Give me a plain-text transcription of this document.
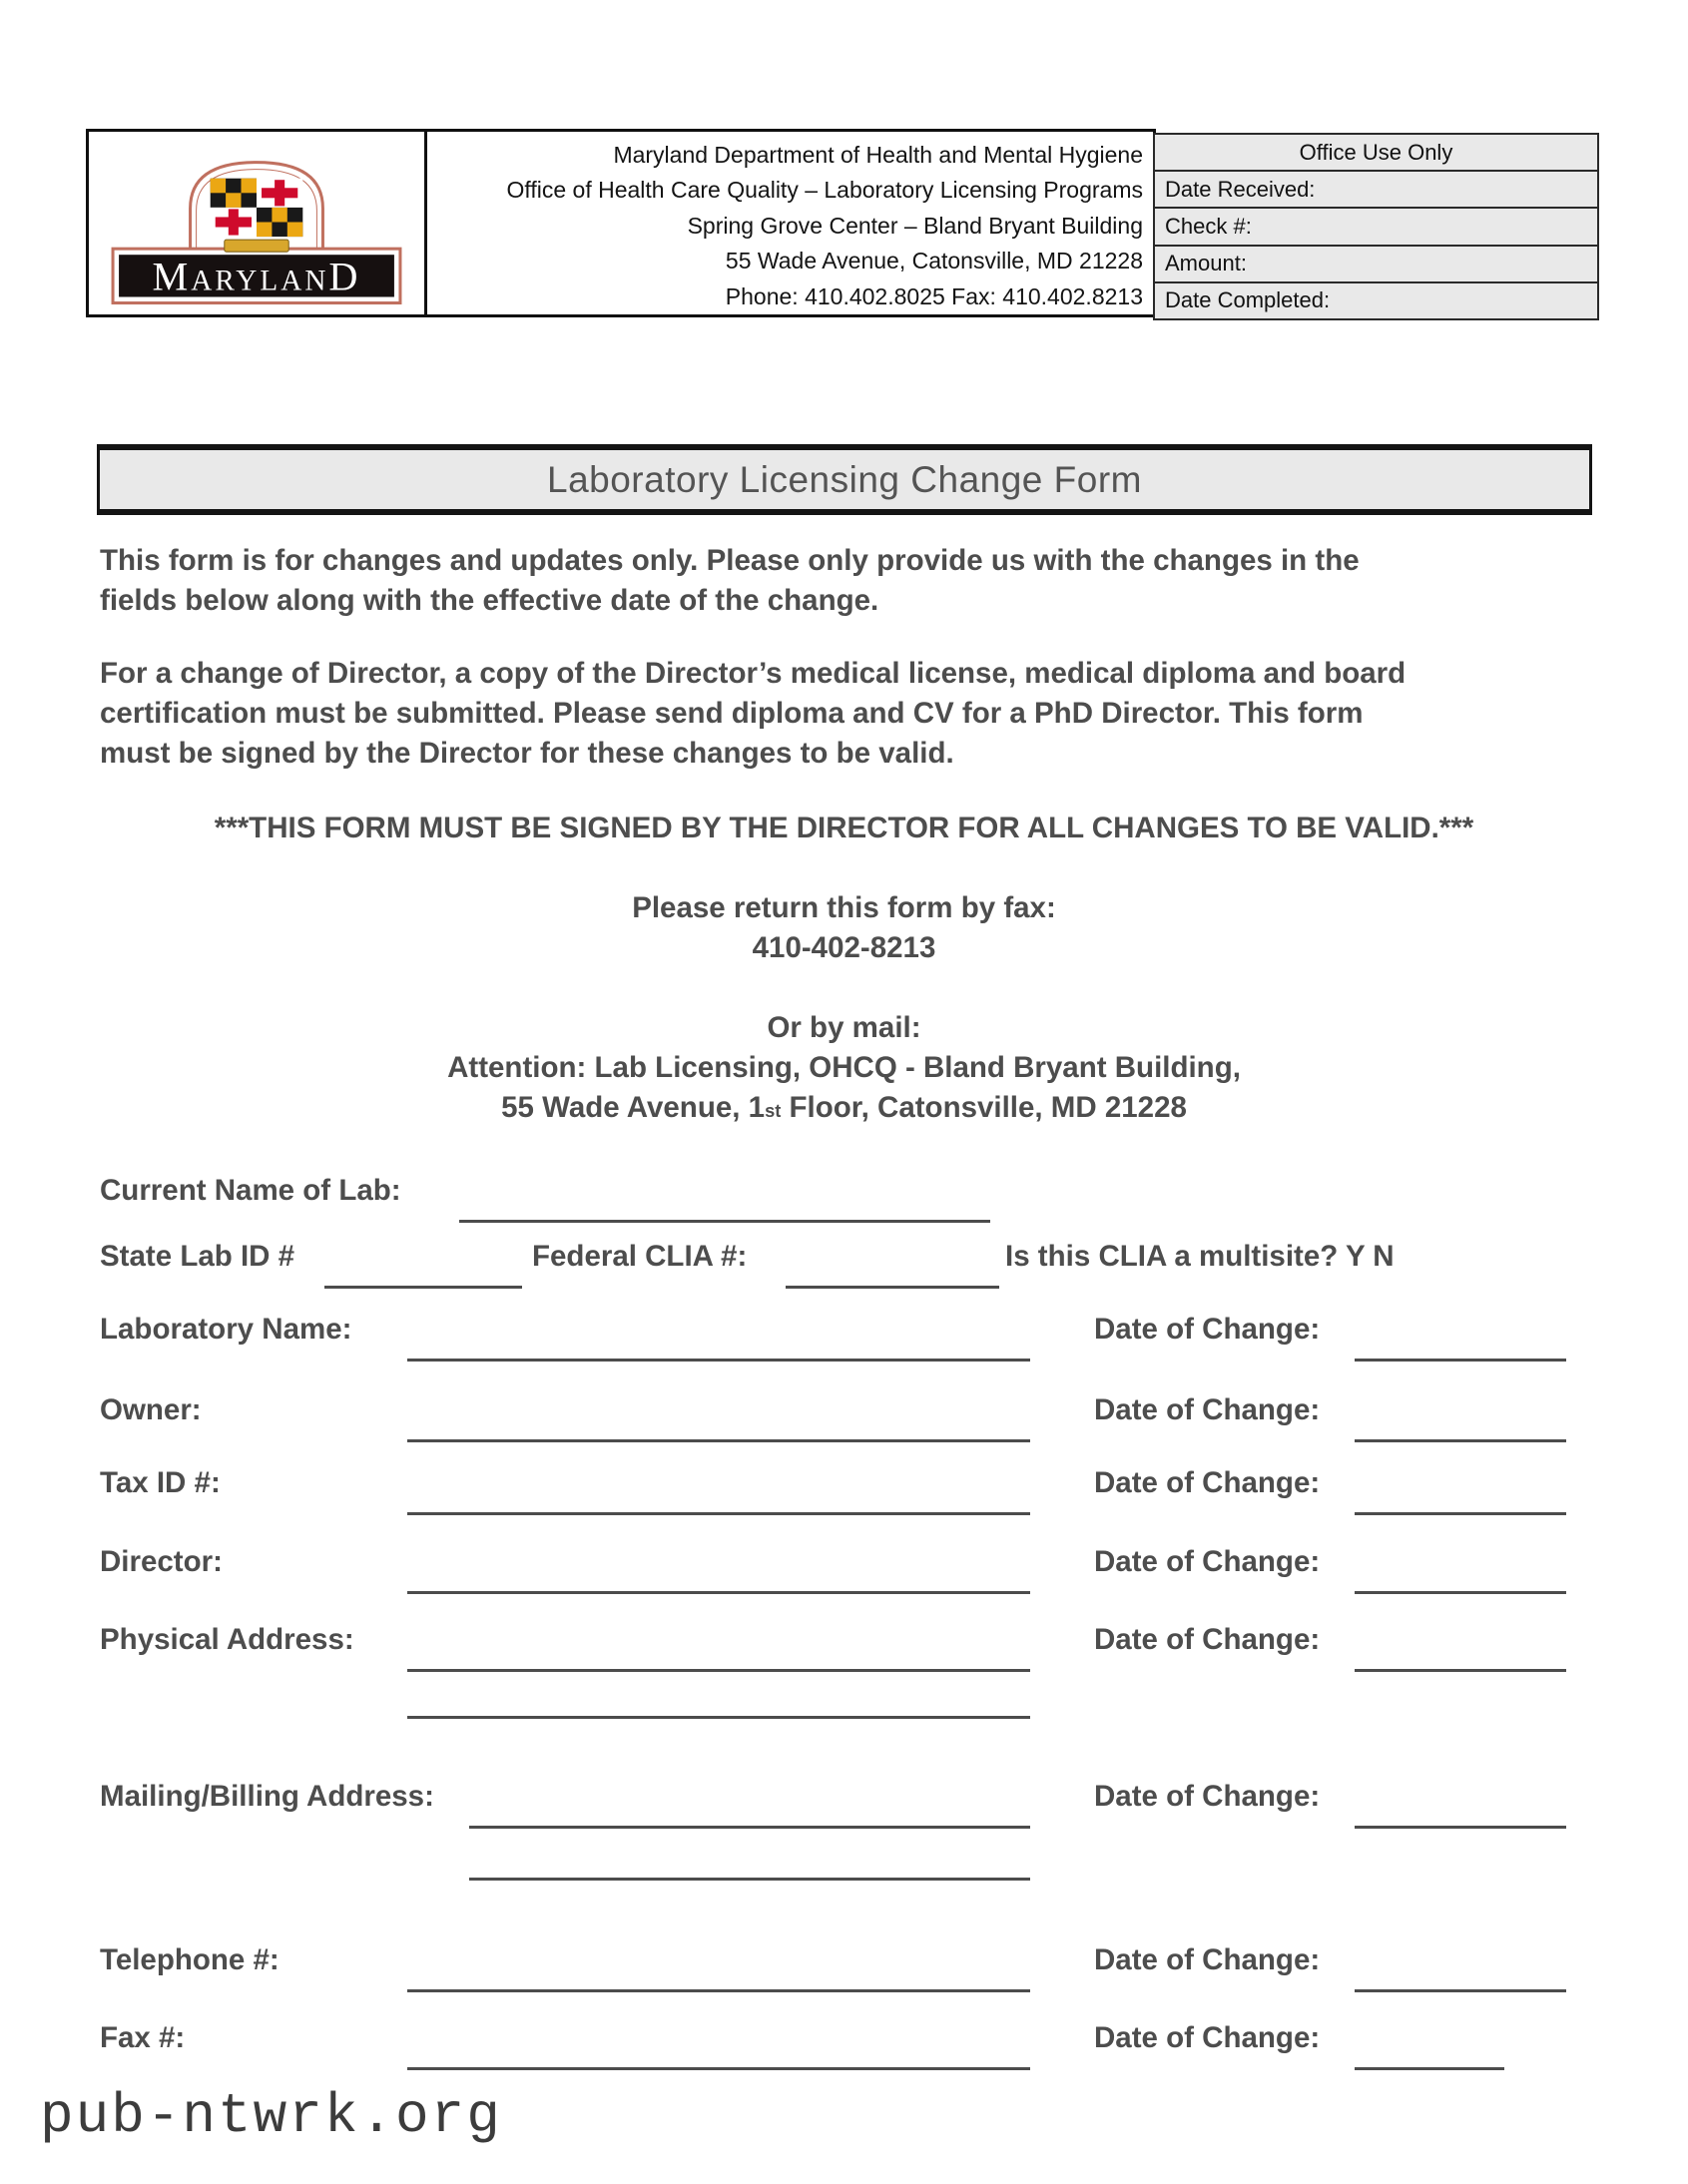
MARYLAND
Maryland Department of Health and Mental Hygiene
Office of Health Care Quality – Laboratory Licensing Programs
Spring Grove Center – Bland Bryant Building
55 Wade Avenue, Catonsville, MD 21228
Phone: 410.402.8025 Fax: 410.402.8213
Office Use Only
Date Received:
Check #:
Amount:
Date Completed:
Laboratory Licensing Change Form
This form is for changes and updates only. Please only provide us with the changes in the
fields below along with the effective date of the change.
For a change of Director, a copy of the Director’s medical license, medical diploma and board
certification must be submitted. Please send diploma and CV for a PhD Director. This form
must be signed by the Director for these changes to be valid.
***THIS FORM MUST BE SIGNED BY THE DIRECTOR FOR ALL CHANGES TO BE VALID.***
Please return this form by fax:
410-402-8213
Or by mail:
Attention: Lab Licensing, OHCQ - Bland Bryant Building,
55 Wade Avenue, 1st Floor, Catonsville, MD 21228
Current Name of Lab:
State Lab ID #	Federal CLIA #:	Is this CLIA a multisite? Y N
Laboratory Name:	Date of Change:
Owner:	Date of Change:
Tax ID #:	Date of Change:
Director:	Date of Change:
Physical Address:	Date of Change:
Mailing/Billing Address:	Date of Change:
Telephone #:	Date of Change:
Fax #:	Date of Change:
pub-ntwrk.org
